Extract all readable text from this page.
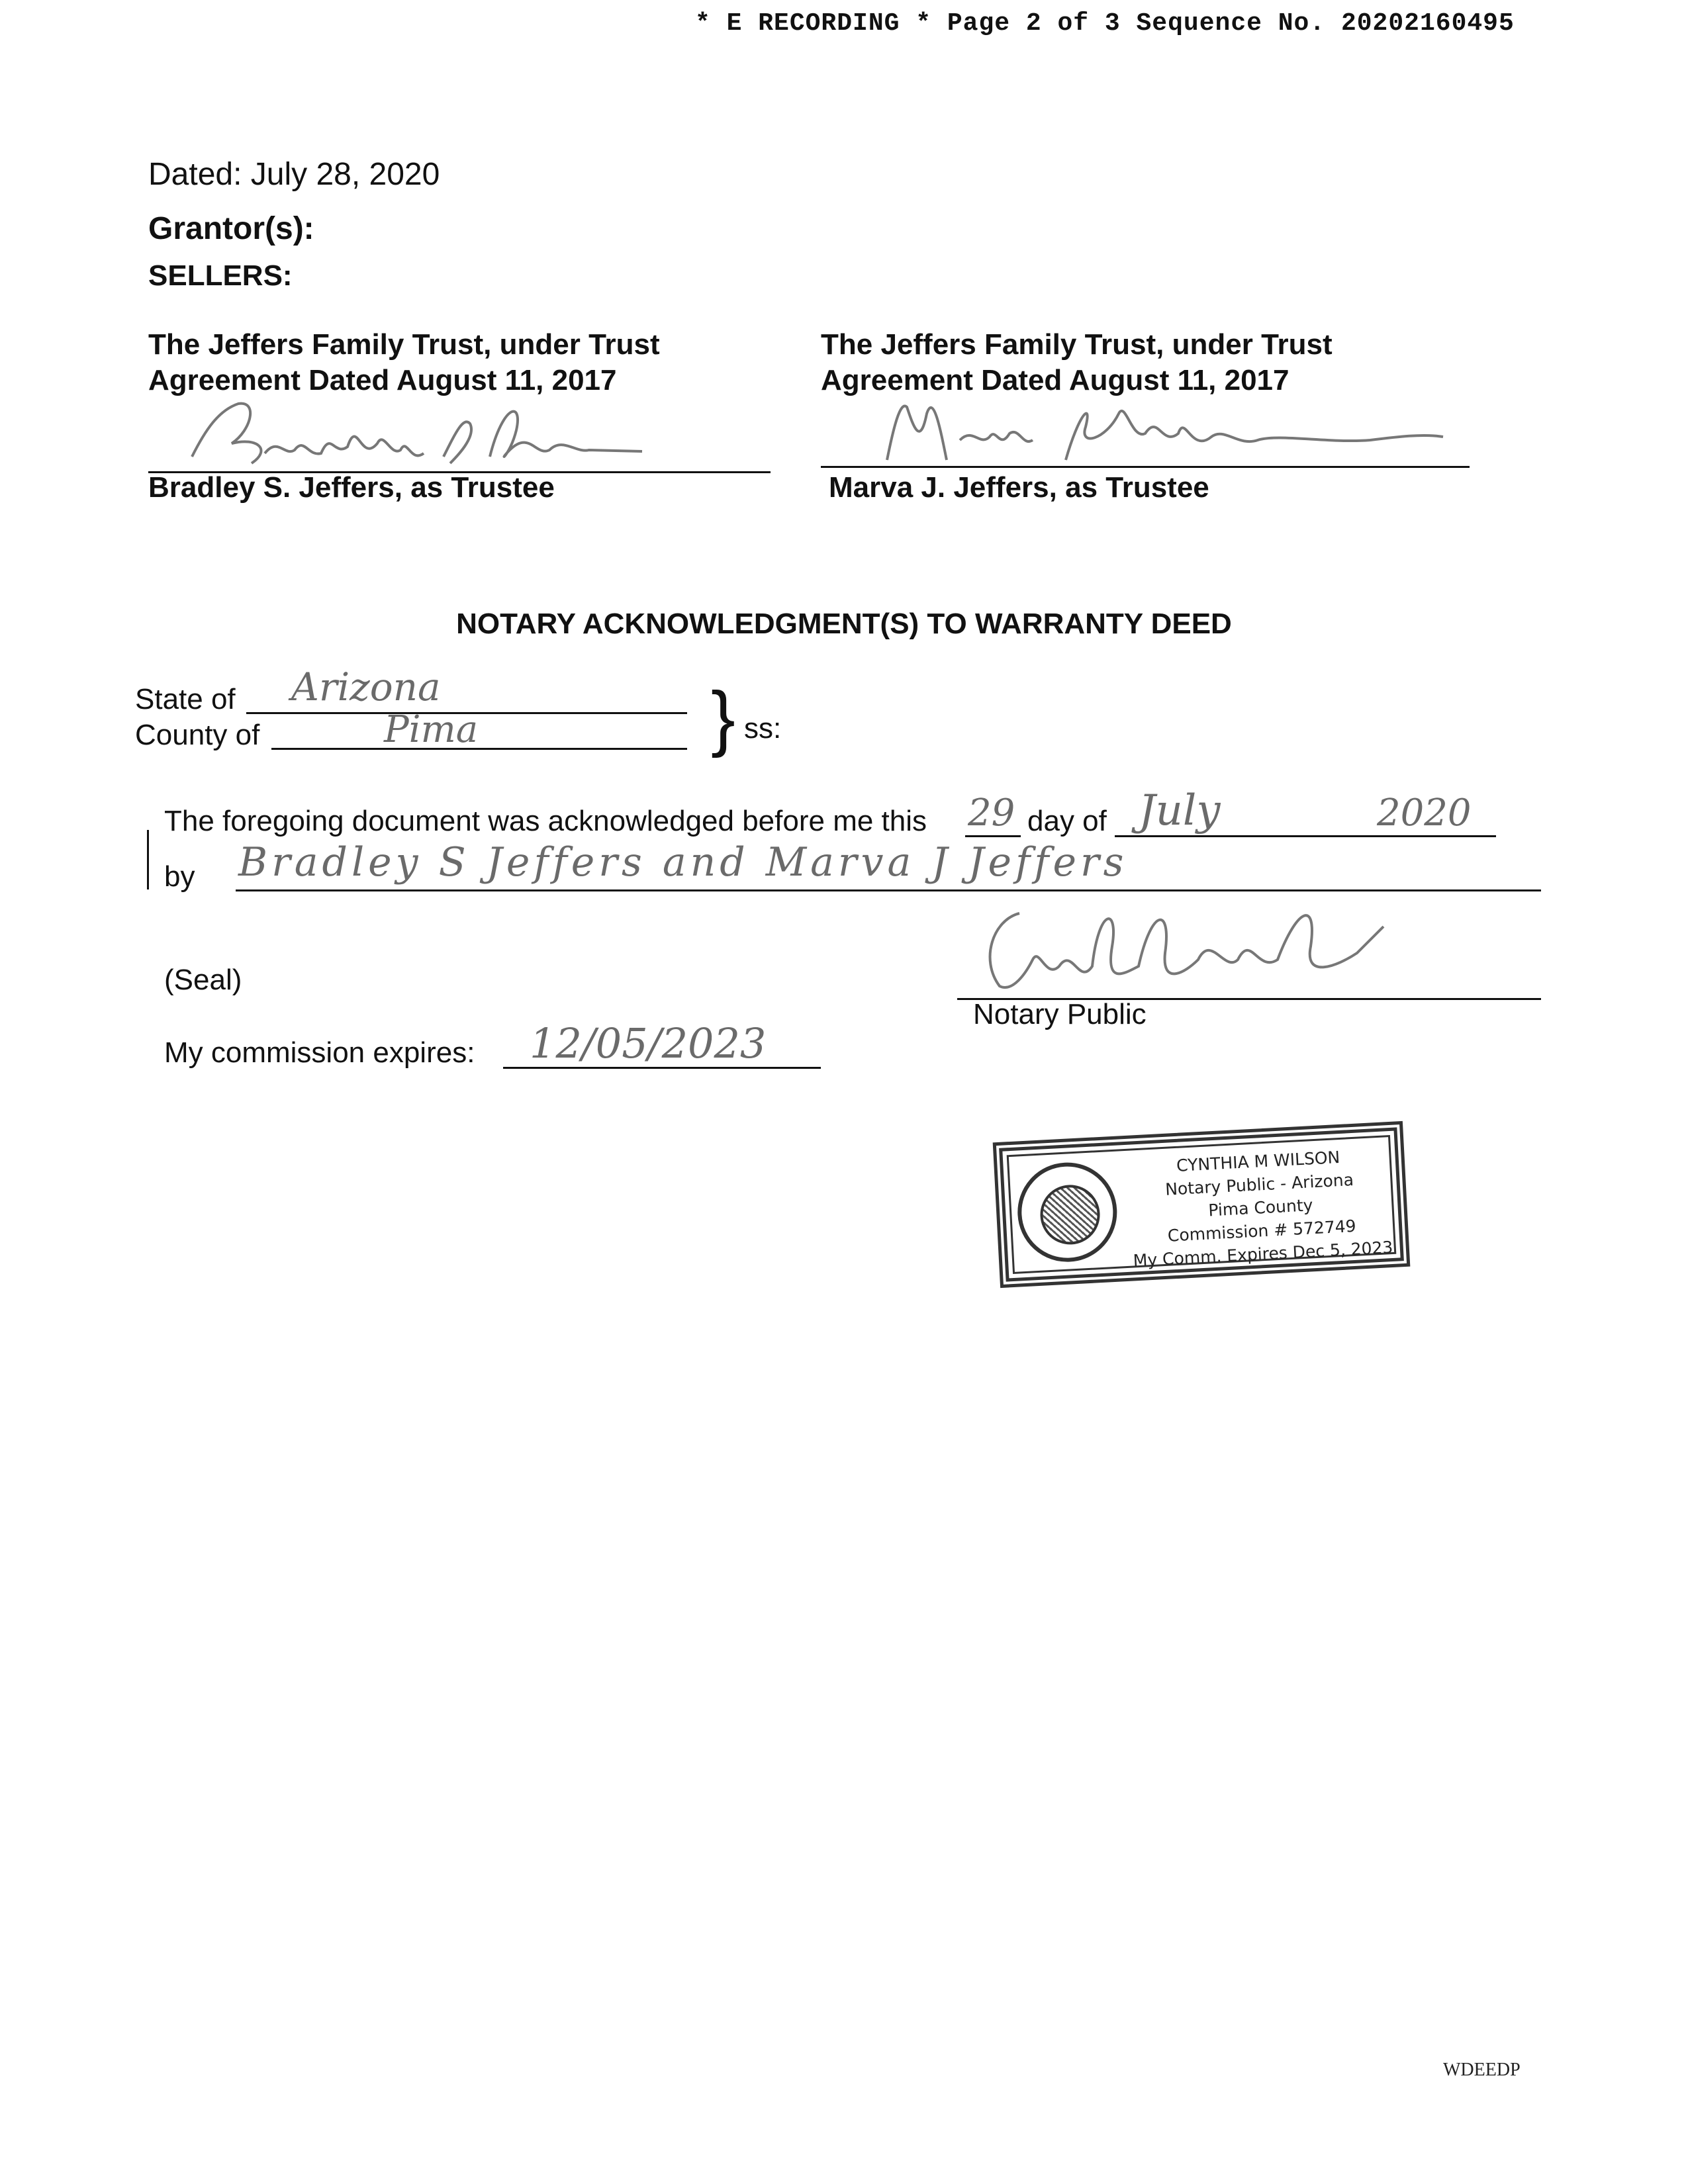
* E RECORDING * Page 2 of 3 Sequence No. 20202160495
Dated: July 28, 2020
Grantor(s):
SELLERS:
The Jeffers Family Trust, under Trust
Agreement Dated August 11, 2017
Bradley S. Jeffers, as Trustee
The Jeffers Family Trust, under Trust
Agreement Dated August 11, 2017
Marva J. Jeffers, as Trustee
NOTARY ACKNOWLEDGMENT(S) TO WARRANTY DEED
State of Arizona
County of	Pima	} ss:
The foregoing document was acknowledged before me this 29 day of July	2020
by Bradley S Jeffers and Marva J Jeffers
(Seal)
Notary Public
My commission expires: 12/05/2023
CYNTHIA M WILSON
Notary Public - Arizona
Pima County
Commission # 572749
My Comm. Expires Dec 5, 2023
WDEEDP
